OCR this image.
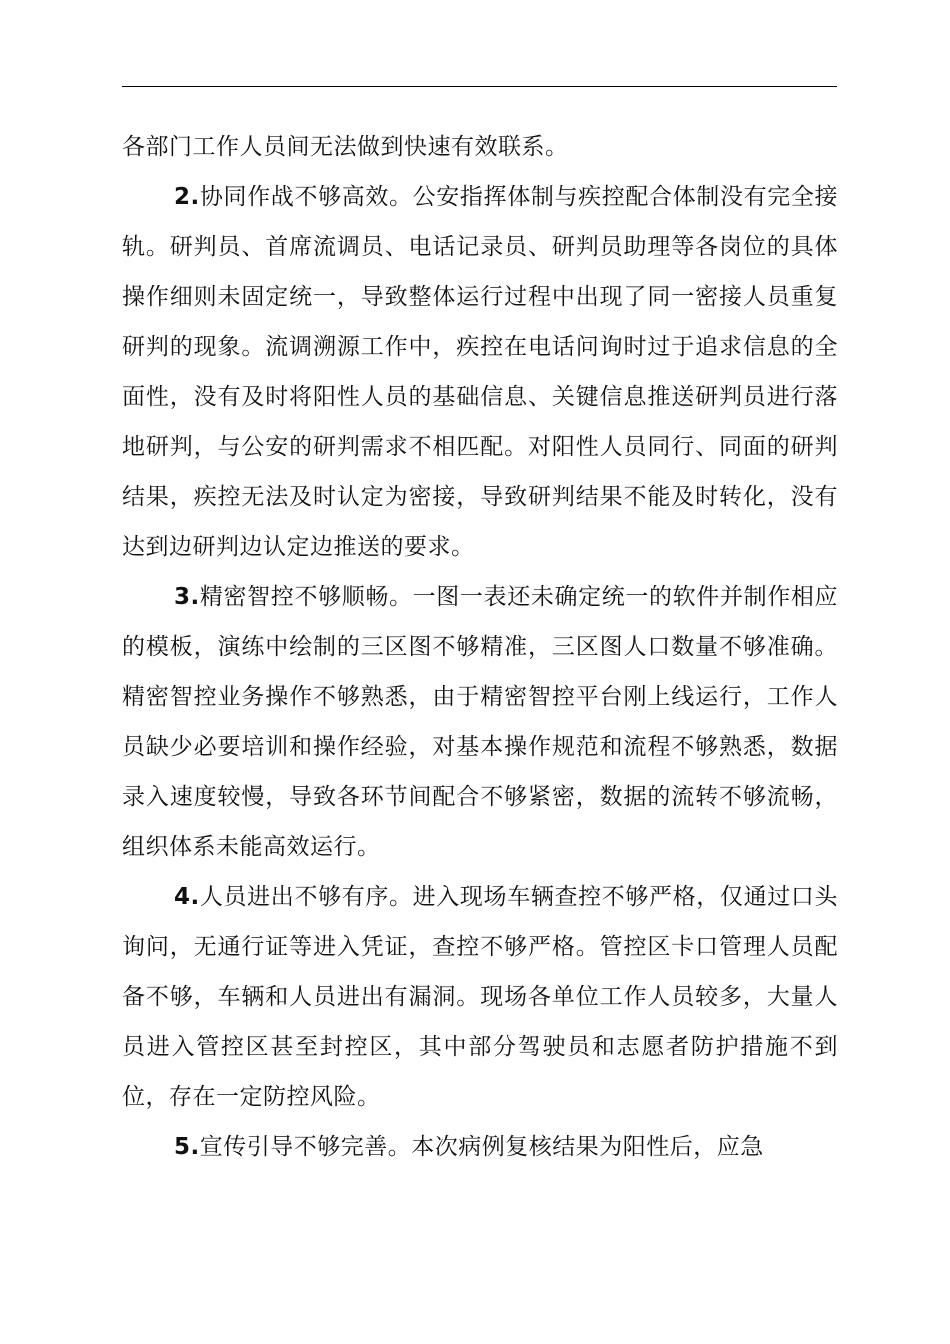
各部门工作人员间无法做到快速有效联系。

2.协同作战不够高效。公安指挥体制与疾控配合体制没有完全接轨。研判员、首席流调员、电话记录员、研判员助理等各岗位的具体操作细则未固定统一，导致整体运行过程中出现了同一密接人员重复研判的现象。流调溯源工作中，疾控在电话问询时过于追求信息的全面性，没有及时将阳性人员的基础信息、关键信息推送研判员进行落地研判，与公安的研判需求不相匹配。对阳性人员同行、同面的研判结果，疾控无法及时认定为密接，导致研判结果不能及时转化，没有达到边研判边认定边推送的要求。

3.精密智控不够顺畅。一图一表还未确定统一的软件并制作相应的模板，演练中绘制的三区图不够精准，三区图人口数量不够准确。精密智控业务操作不够熟悉，由于精密智控平台刚上线运行，工作人员缺少必要培训和操作经验，对基本操作规范和流程不够熟悉，数据录入速度较慢，导致各环节间配合不够紧密，数据的流转不够流畅，组织体系未能高效运行。

4.人员进出不够有序。进入现场车辆查控不够严格，仅通过口头询问，无通行证等进入凭证，查控不够严格。管控区卡口管理人员配备不够，车辆和人员进出有漏洞。现场各单位工作人员较多，大量人员进入管控区甚至封控区，其中部分驾驶员和志愿者防护措施不到位，存在一定防控风险。

5.宣传引导不够完善。本次病例复核结果为阳性后，应急
